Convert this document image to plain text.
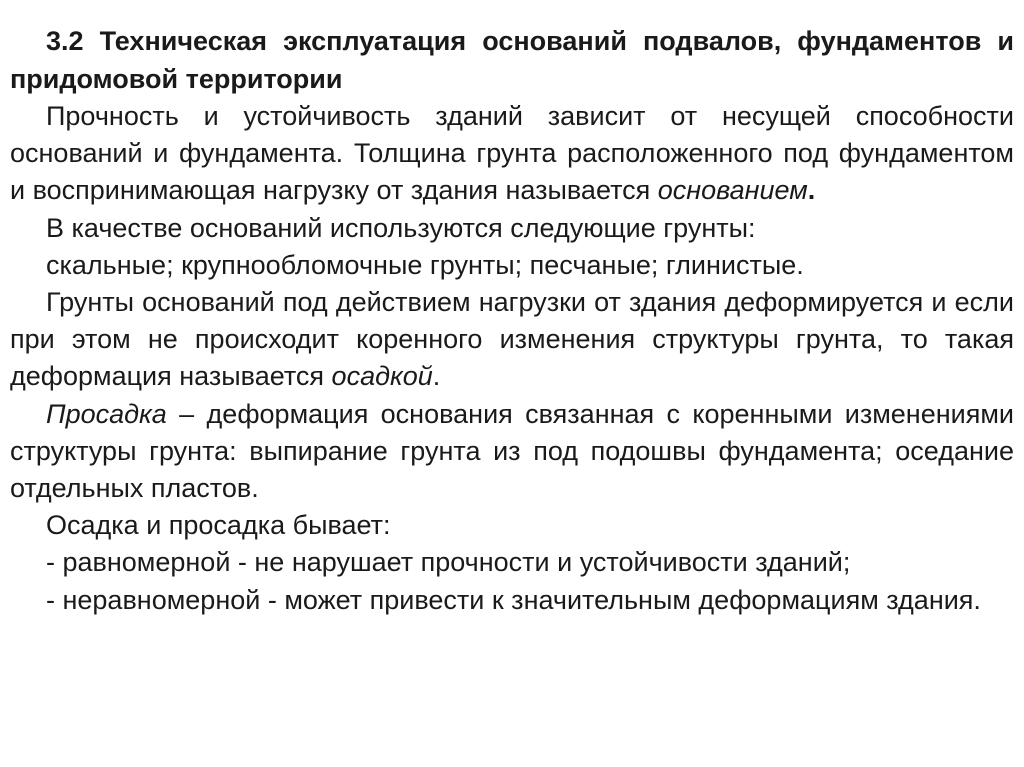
3.2 Техническая эксплуатация оснований подвалов, фундаментов и придомовой территории

Прочность и устойчивость зданий зависит от несущей способности оснований и фундамента. Толщина грунта расположенного под фундаментом и воспринимающая нагрузку от здания называется основанием.

В качестве оснований используются следующие грунты:

скальные; крупнообломочные грунты; песчаные; глинистые.

Грунты оснований под действием нагрузки от здания деформируется и если при этом не происходит коренного изменения структуры грунта, то такая деформация называется осадкой.

Просадка – деформация основания связанная с коренными изменениями структуры грунта: выпирание грунта из под подошвы фундамента; оседание отдельных пластов.

Осадка и просадка бывает:

- равномерной - не нарушает прочности и устойчивости зданий;

- неравномерной - может привести к значительным деформациям здания.
